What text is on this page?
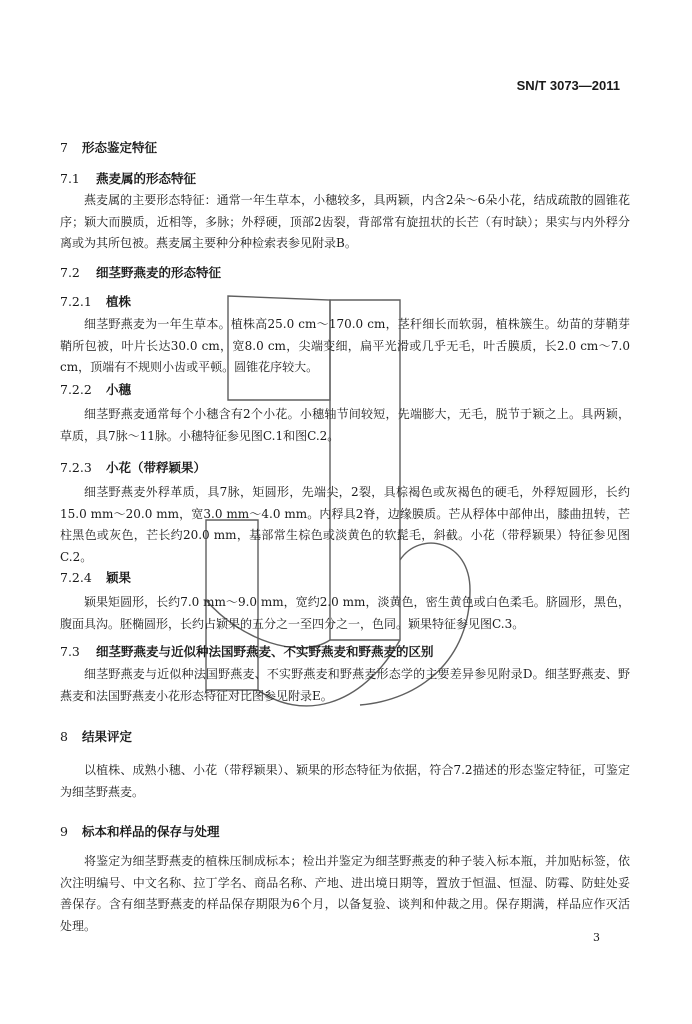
SN/T 3073—2011
7 形态鉴定特征
7.1 燕麦属的形态特征
燕麦属的主要形态特征：通常一年生草本，小穗较多，具两颖，内含2朵～6朵小花，结成疏散的圆锥花序；颖大而膜质，近相等，多脉；外稃硬，顶部2齿裂，背部常有旋扭状的长芒（有时缺）；果实与内外稃分离或为其所包被。燕麦属主要种分种检索表参见附录B。
7.2 细茎野燕麦的形态特征
7.2.1 植株
细茎野燕麦为一年生草本。植株高25.0 cm～170.0 cm，茎秆细长而软弱，植株簇生。幼苗的芽鞘芽鞘所包被，叶片长达30.0 cm，宽8.0 cm，尖端变细，扁平光滑或几乎无毛，叶舌膜质，长2.0 cm～7.0 cm，顶端有不规则小齿或平顿。圆锥花序较大。
7.2.2 小穗
细茎野燕麦通常每个小穗含有2个小花。小穗轴节间较短，先端膨大，无毛，脱节于颖之上。具两颖，草质，具7脉～11脉。小穗特征参见图C.1和图C.2。
7.2.3 小花（带稃颖果）
细茎野燕麦外稃革质，具7脉，矩圆形，先端尖，2裂，具棕褐色或灰褐色的硬毛，外稃短圆形，长约15.0 mm～20.0 mm，宽3.0 mm～4.0 mm。内稃具2脊，边缘膜质。芒从稃体中部伸出，膝曲扭转，芒柱黑色或灰色，芒长约20.0 mm，基部常生棕色或淡黄色的软髭毛，斜截。小花（带稃颖果）特征参见图C.2。
7.2.4 颖果
颖果矩圆形，长约7.0 mm～9.0 mm，宽约2.0 mm，淡黄色，密生黄色或白色柔毛。脐圆形，黑色，腹面具沟。胚椭圆形，长约占颖果的五分之一至四分之一，色同。颖果特征参见图C.3。
7.3 细茎野燕麦与近似种法国野燕麦、不实野燕麦和野燕麦的区别
细茎野燕麦与近似种法国野燕麦、不实野燕麦和野燕麦形态学的主要差异参见附录D。细茎野燕麦、野燕麦和法国野燕麦小花形态特征对比图参见附录E。
8 结果评定
以植株、成熟小穗、小花（带稃颖果）、颖果的形态特征为依据，符合7.2描述的形态鉴定特征，可鉴定为细茎野燕麦。
9 标本和样品的保存与处理
将鉴定为细茎野燕麦的植株压制成标本；检出并鉴定为细茎野燕麦的种子装入标本瓶，并加贴标签，依次注明编号、中文名称、拉丁学名、商品名称、产地、进出境日期等，置放于恒温、恒湿、防霉、防蛀处妥善保存。含有细茎野燕麦的样品保存期限为6个月，以备复验、谈判和仲裁之用。保存期满，样品应作灭活处理。
3
